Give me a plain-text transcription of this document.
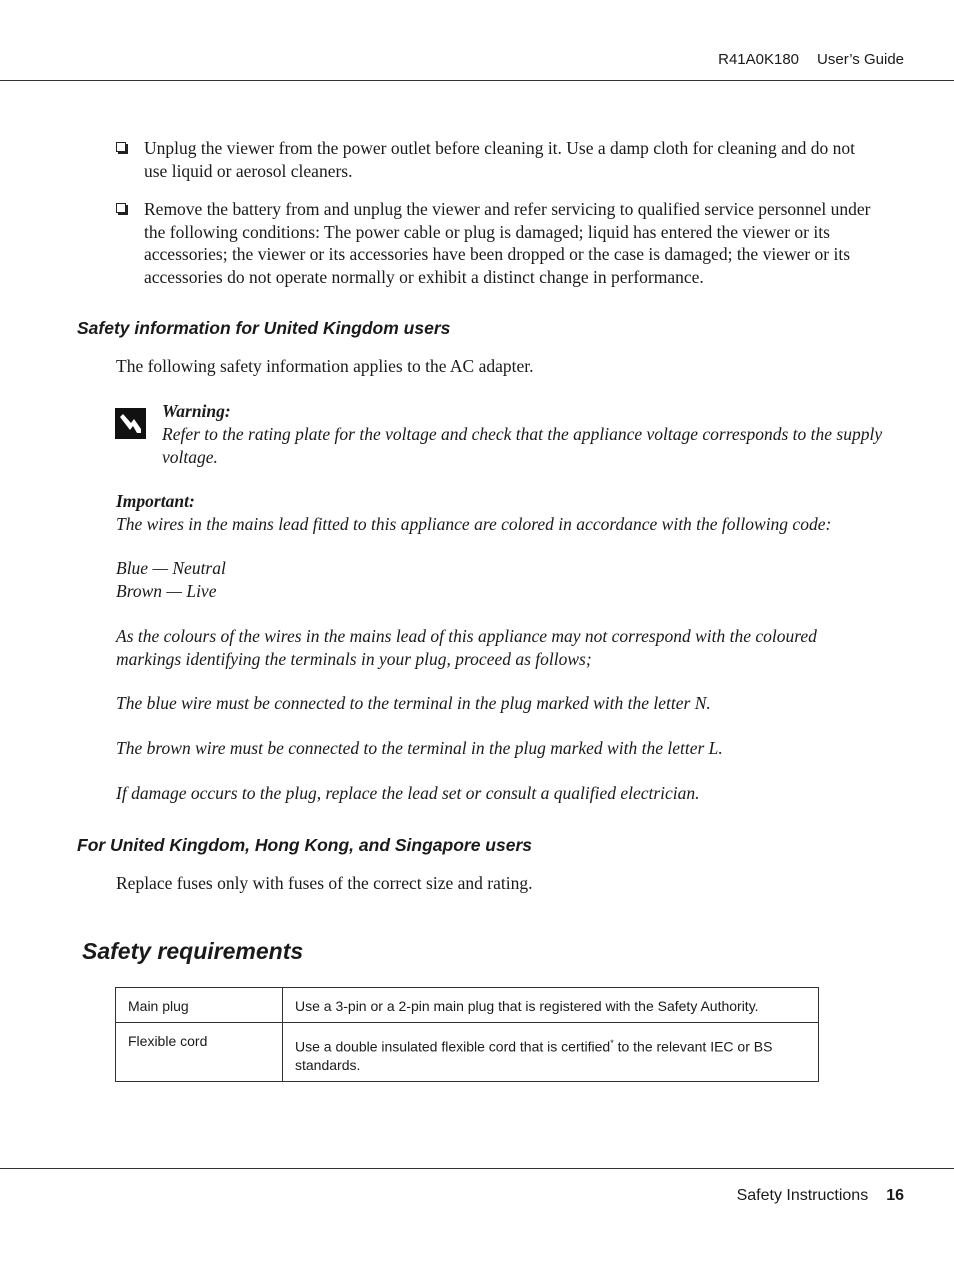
R41A0K180 User’s Guide
Unplug the viewer from the power outlet before cleaning it. Use a damp cloth for cleaning and do not use liquid or aerosol cleaners.
Remove the battery from and unplug the viewer and refer servicing to qualified service personnel under the following conditions: The power cable or plug is damaged; liquid has entered the viewer or its accessories; the viewer or its accessories have been dropped or the case is damaged; the viewer or its accessories do not operate normally or exhibit a distinct change in performance.
Safety information for United Kingdom users
The following safety information applies to the AC adapter.
Warning:
Refer to the rating plate for the voltage and check that the appliance voltage corresponds to the supply voltage.
Important:
The wires in the mains lead fitted to this appliance are colored in accordance with the following code:
Blue — Neutral
Brown — Live
As the colours of the wires in the mains lead of this appliance may not correspond with the coloured markings identifying the terminals in your plug, proceed as follows;
The blue wire must be connected to the terminal in the plug marked with the letter N.
The brown wire must be connected to the terminal in the plug marked with the letter L.
If damage occurs to the plug, replace the lead set or consult a qualified electrician.
For United Kingdom, Hong Kong, and Singapore users
Replace fuses only with fuses of the correct size and rating.
Safety requirements
Main plug	Use a 3-pin or a 2-pin main plug that is registered with the Safety Authority.
Flexible cord	Use a double insulated flexible cord that is certified* to the relevant IEC or BS standards.
Safety Instructions 16
